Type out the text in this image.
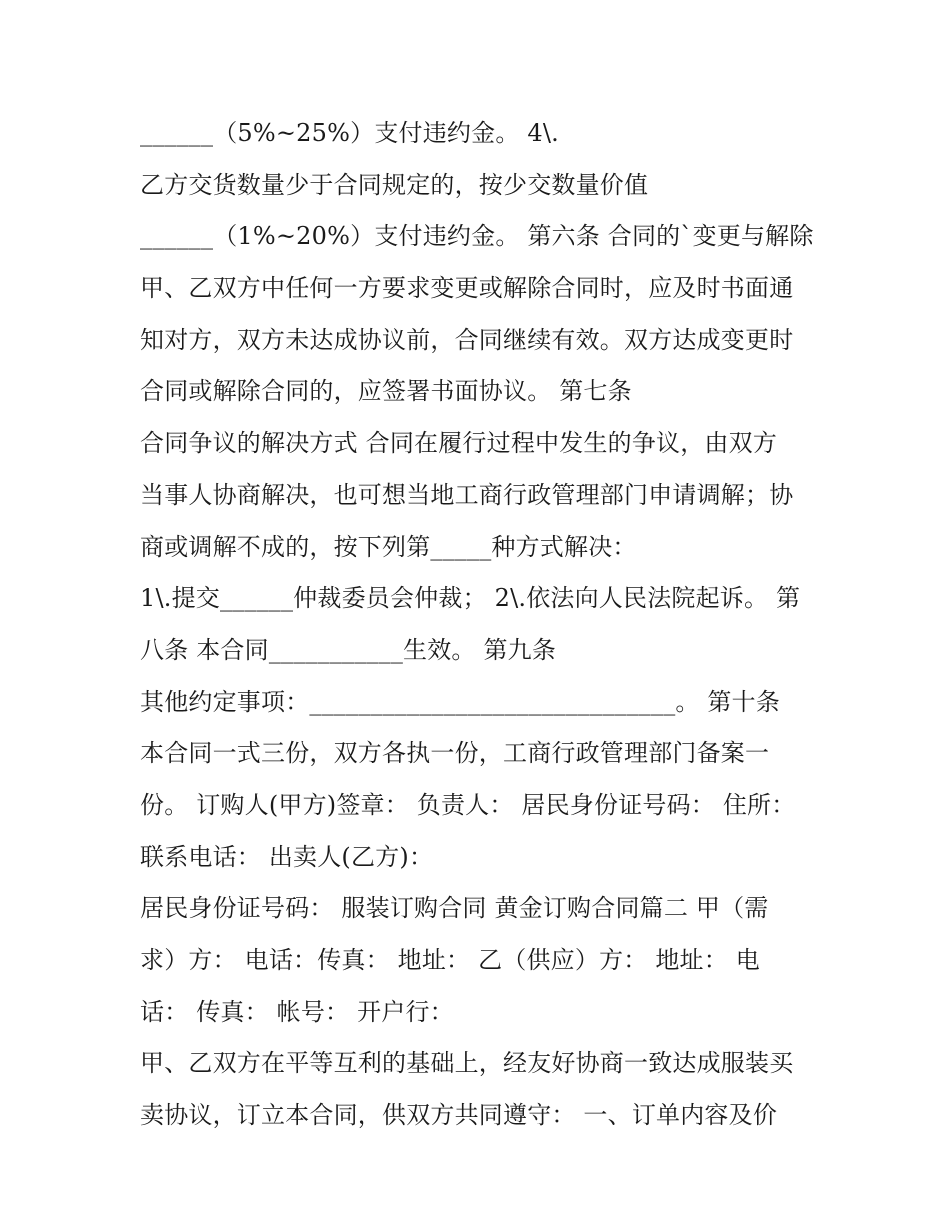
______（5%~25%）支付违约金。 4\.
乙方交货数量少于合同规定的，按少交数量价值
______（1%~20%）支付违约金。 第六条 合同的`变更与解除
甲、乙双方中任何一方要求变更或解除合同时，应及时书面通
知对方，双方未达成协议前，合同继续有效。双方达成变更时
合同或解除合同的，应签署书面协议。 第七条
合同争议的解决方式 合同在履行过程中发生的争议，由双方
当事人协商解决，也可想当地工商行政管理部门申请调解；协
商或调解不成的，按下列第_____种方式解决：
1\.提交______仲裁委员会仲裁； 2\.依法向人民法院起诉。 第
八条 本合同___________生效。 第九条
其他约定事项：______________________________。 第十条
本合同一式三份，双方各执一份，工商行政管理部门备案一
份。 订购人(甲方)签章： 负责人： 居民身份证号码： 住所：
联系电话： 出卖人(乙方)：
居民身份证号码： 服装订购合同 黄金订购合同篇二 甲（需
求）方： 电话：传真： 地址： 乙（供应）方： 地址： 电
话： 传真： 帐号： 开户行：
甲、乙双方在平等互利的基础上，经友好协商一致达成服装买
卖协议，订立本合同，供双方共同遵守： 一、订单内容及价
